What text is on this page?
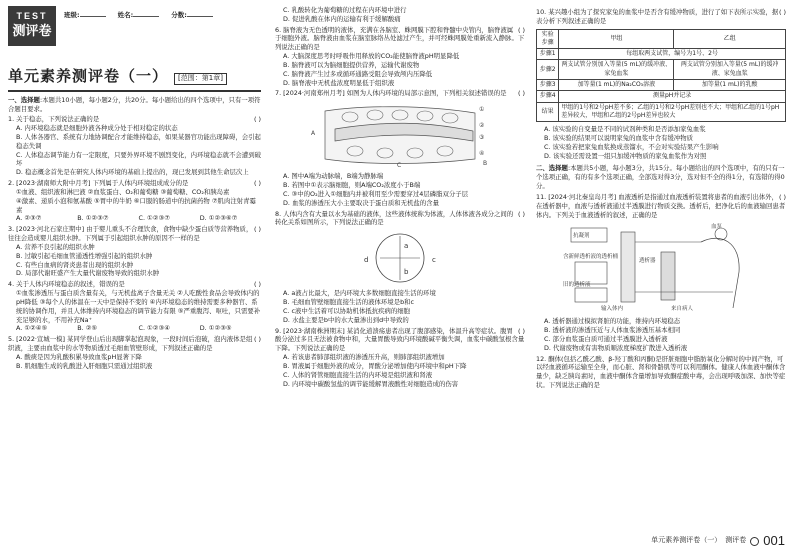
TEST
测评卷
班级:	姓名:	分数:
单元素养测评卷（一）	[范围：第1章]
一、选择题:本题共10小题，每小题2分，共20分。每小题给出的四个选项中，只有一项符合题目要求。
( )
1. 关于稳态，下列说法正确的是
A. 内环境稳态就是细胞外液各种成分处于相对稳定的状态
B. 人体各器官、系统有力地协调配合才能维持稳态，如果某器官功能出现障碍，会引起稳态失调
C. 人体稳态调节能力有一定限度，只要外界环境不剧烈变化，内环境稳态就不会遭到破坏
D. 稳态概念首先是在研究人体内环境的基础上提出的，现已发展到其他生命层次上
( )
2. [2023·湖南师大附中月考] 下列属于人体内环境组成成分的是
①血液、组织液和淋巴液 ②血浆蛋白、O₂和葡萄糖 ③葡萄糖、CO₂和胰岛素
④激素、递质小泡和氨基酸 ⑤胃中的牛奶 ⑥口服的肠道中的抗菌药物 ⑦肌肉注射青霉素
A. ②③⑦	B. ①②③⑦	C. ①②③⑦	D. ①②③⑥⑦
( )
3. [2023·河北石家庄期中] 由于婴儿重头不合理饮食，食物中缺少蛋白质等营养物质，往往会造成婴儿组织水肿。下列属于引起组织水肿的原因不一样的是
A. 营养不良引起的组织水肿
B. 过敏引起毛细血管通透性增强引起的组织水肿
C. 有些白血病的肾炎患者出现的组织水肿
D. 局部代谢旺盛产生大量代谢废物导致的组织水肿
( )
4. 关于人体内环境稳态的叙述，错误的是
①血浆渗透压与蛋白质含量有关，与无机盐离子含量无关 ②人吃酸性食品会导致体内的pH降低 ③每个人的体温在一天中是保持不变的 ④内环境稳态的维持需要多种器官、系统的协调作用，并且人体维持内环境稳态的调节能力有限 ⑤严重腹泻、呕吐，只需要补充足够的水，不用补充Na⁺
A. ①②④⑤	B. ②⑤	C. ①②③④	D. ①②③⑤
( )
5. [2022·宣城一模] 某同学登山后出现脚掌起泡现象，一段时间后泡破，泡内液体是组织液，主要由血浆中的水等物质透过毛细血管壁形成，下列叙述正确的是
A. 酸痰是因为乳酸积累导致血浆pH显著下降
B. 肌细胞生成的乳酸进入肝细胞只需通过组织液
C. 乳酸转化为葡萄糖的过程在内环境中进行
D. 促进乳酸在体内的运输有利于缓解酸痛
( )
6. 脑脊液为无色透明的液体，充满在各脑室、蛛网膜下腔和脊髓中央管内，脑脊液属于细胞外液。脑脊液由血浆在脑室脉络丛处滤过产生，并可经蛛网膜处重新流入静脉。下列说法正确的是
A. 大脑深度思考时呼吸作用释放的CO₂能使脑脊液pH明显降低
B. 脑脊液可以为脑细胞提供营养，运输代谢废物
C. 脑脊液产生过多或循环通路受阻会导致颅内压降低
D. 脑脊液中无机盐浓度明显低于组织液
( )
7. [2024·河南郑州月考] 如图为人体内环境的局部示意图，下列相关叙述错误的是
①
②
③
④
A
B
C
A. 图中A端为动脉端，B端为静脉端
B. 若图中①表示脑细胞，则A端CO₂浓度小于B端
C. ③中的O₂进入①细胞内并被利用至少需要穿过4层磷脂双分子层
D. 血浆的渗透压大小主要取决于蛋白质和无机盐的含量
( )
8. 人体内含有大量以水为基础的液体，这些液体统称为体液，人体体液各成分之间的转化关系如图所示，下列说法正确的是
d
a
b
c
A. a液占比最大，是内环境大多数细胞直接生活的环境
B. 毛细血管壁细胞直接生活的液体环境是b和c
C. c液中生活着可以协助机体抵抗疾病的细胞
D. 水盐主要是b中的水大量渗出到d中导致的
( )
9. [2023·湖南株洲期末] 某消化道溃疡患者出现了腹部感染，体温升高等症状。腹胃酸分泌过多且无法被食物中和，大量胃酸导致内环境酸碱平衡失调，血浆中碳酸氢根含量下降。下列说法正确的是
A. 若该患者肺部组织液的渗透压升高，则肺部组织液增加
B. 胃液属于细胞外液的成分，胃酸分泌增加使内环境中和pH下降
C. 人体的肾管细胞直接生活的内环境是组织液和肾液
D. 内环境中碳酸氢盐的调节能缓解胃液酸性对细胞造成的伤害
( )
10. 某兴趣小组为了探究家兔的血浆中是否含有缓冲物质，进行了如下表所示实验，据表分析下列叙述正确的是
实验步骤	甲组	乙组
步骤1	每组取两支试管，编号为1号、2号	
步骤2	两支试管分别加入等量(5 mL)的缓冲液、家兔血浆	两支试管分别加入等量(5 mL)的缓冲液、家兔血浆
步骤3	加等量(1 mL)的Na₂CO₃溶液	加等量(1 mL)的乳酸
步骤4	测量pH并记录	
结果	甲组的1号和2号pH差不多；乙组的1号和2号pH差别也不大；甲组和乙组的1号pH差异较大，甲组和乙组的2号pH差异也较大	
A. 该实验的自变量是不同的试剂种类和是否添加家兔血浆
B. 该实验的结果可以说明家兔的血浆中含有缓冲物质
C. 该实验若把家兔血浆换成蒸馏水，不会对实验结果产生影响
D. 该实验还需设置一组只加缓冲物质的家兔血浆作为对照
二、选择题:本题共5小题，每小题3分，共15分。每小题给出的四个选项中，有的只有一个选项正确，有的有多个选项正确，全部选对得3分，选对但不全的得1分，有选错的得0分。
( )
11. [2024·河北秦皇岛月考] 血液透析是指通过血液透析装置将患者的血液引出体外，在透析器中，血液与透析液通过半透膜进行物质交换。透析后，把净化后的血液输回患者体内。下列关于血液透析的叙述，正确的是
抗凝剂
透析器
含新鲜透析液的透析桶
旧的透析液
输入体内	来自病人
血泵
A. 透析器通过模拟肾脏的功能，维持内环境稳态
B. 透析液的渗透压近与人体血浆渗透压基本相同
C. 部分血浆蛋白质可通过半透膜进入透析液
D. 代谢废物或有害物质顺浓度梯度扩散进入透析液
12. 酮体(包括乙酰乙酸、β-羟丁酸和丙酮)是肝脏细胞中脂肪氧化分解时的中间产物，可以经血液循环运输至全身，而心脏、肾和骨骼肌等可以利用酮体。健康人体血液中酮体含量少，缺乏胰岛素时，血液中酮体含量增加导致酮症酸中毒，会出现呼吸加深、加快等症状。下列说法正确的是
单元素养测评卷（一） 测评卷 001
